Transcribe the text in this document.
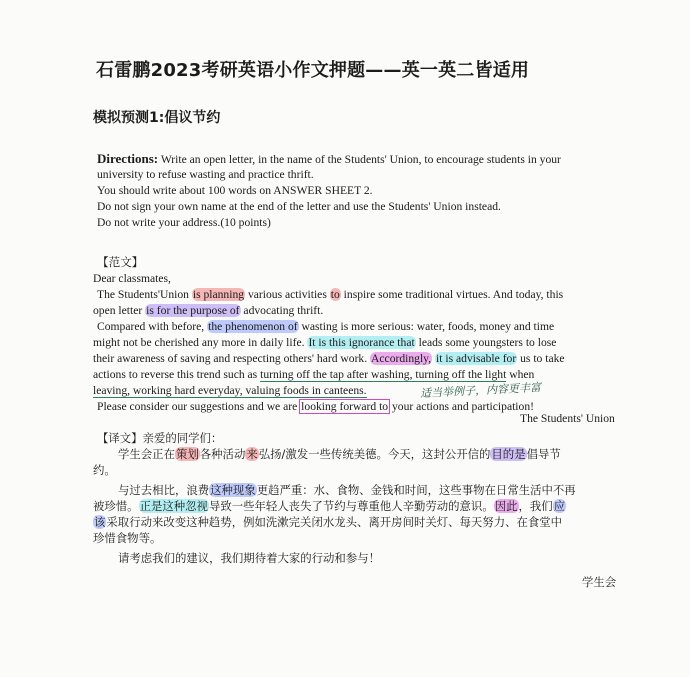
石雷鹏2023考研英语小作文押题——英一英二皆适用
模拟预测1:倡议节约
Directions: Write an open letter, in the name of the Students' Union, to encourage students in your
university to refuse wasting and practice thrift.
You should write about 100 words on ANSWER SHEET 2.
Do not sign your own name at the end of the letter and use the Students' Union instead.
Do not write your address.(10 points)
【范文】
Dear classmates,
The Students'Union is planning various activities to inspire some traditional virtues. And today, this
open letter is for the purpose of advocating thrift.
Compared with before, the phenomenon of wasting is more serious: water, foods, money and time
might not be cherished any more in daily life. It is this ignorance that leads some youngsters to lose
their awareness of saving and respecting others' hard work. Accordingly, it is advisable for us to take
actions to reverse this trend such as turning off the tap after washing, turning off the light when
leaving, working hard everyday, valuing foods in canteens.	适当举例子，内容更丰富
Please consider our suggestions and we are looking forward to your actions and participation!
The Students' Union
【译文】亲爱的同学们：
学生会正在策划各种活动来弘扬/激发一些传统美德。今天，这封公开信的目的是倡导节
约。
与过去相比，浪费这种现象更趋严重：水、食物、金钱和时间，这些事物在日常生活中不再
被珍惜。正是这种忽视导致一些年轻人丧失了节约与尊重他人辛勤劳动的意识。因此，我们应
该采取行动来改变这种趋势，例如洗漱完关闭水龙头、离开房间时关灯、每天努力、在食堂中
珍惜食物等。
请考虑我们的建议，我们期待着大家的行动和参与！
学生会
